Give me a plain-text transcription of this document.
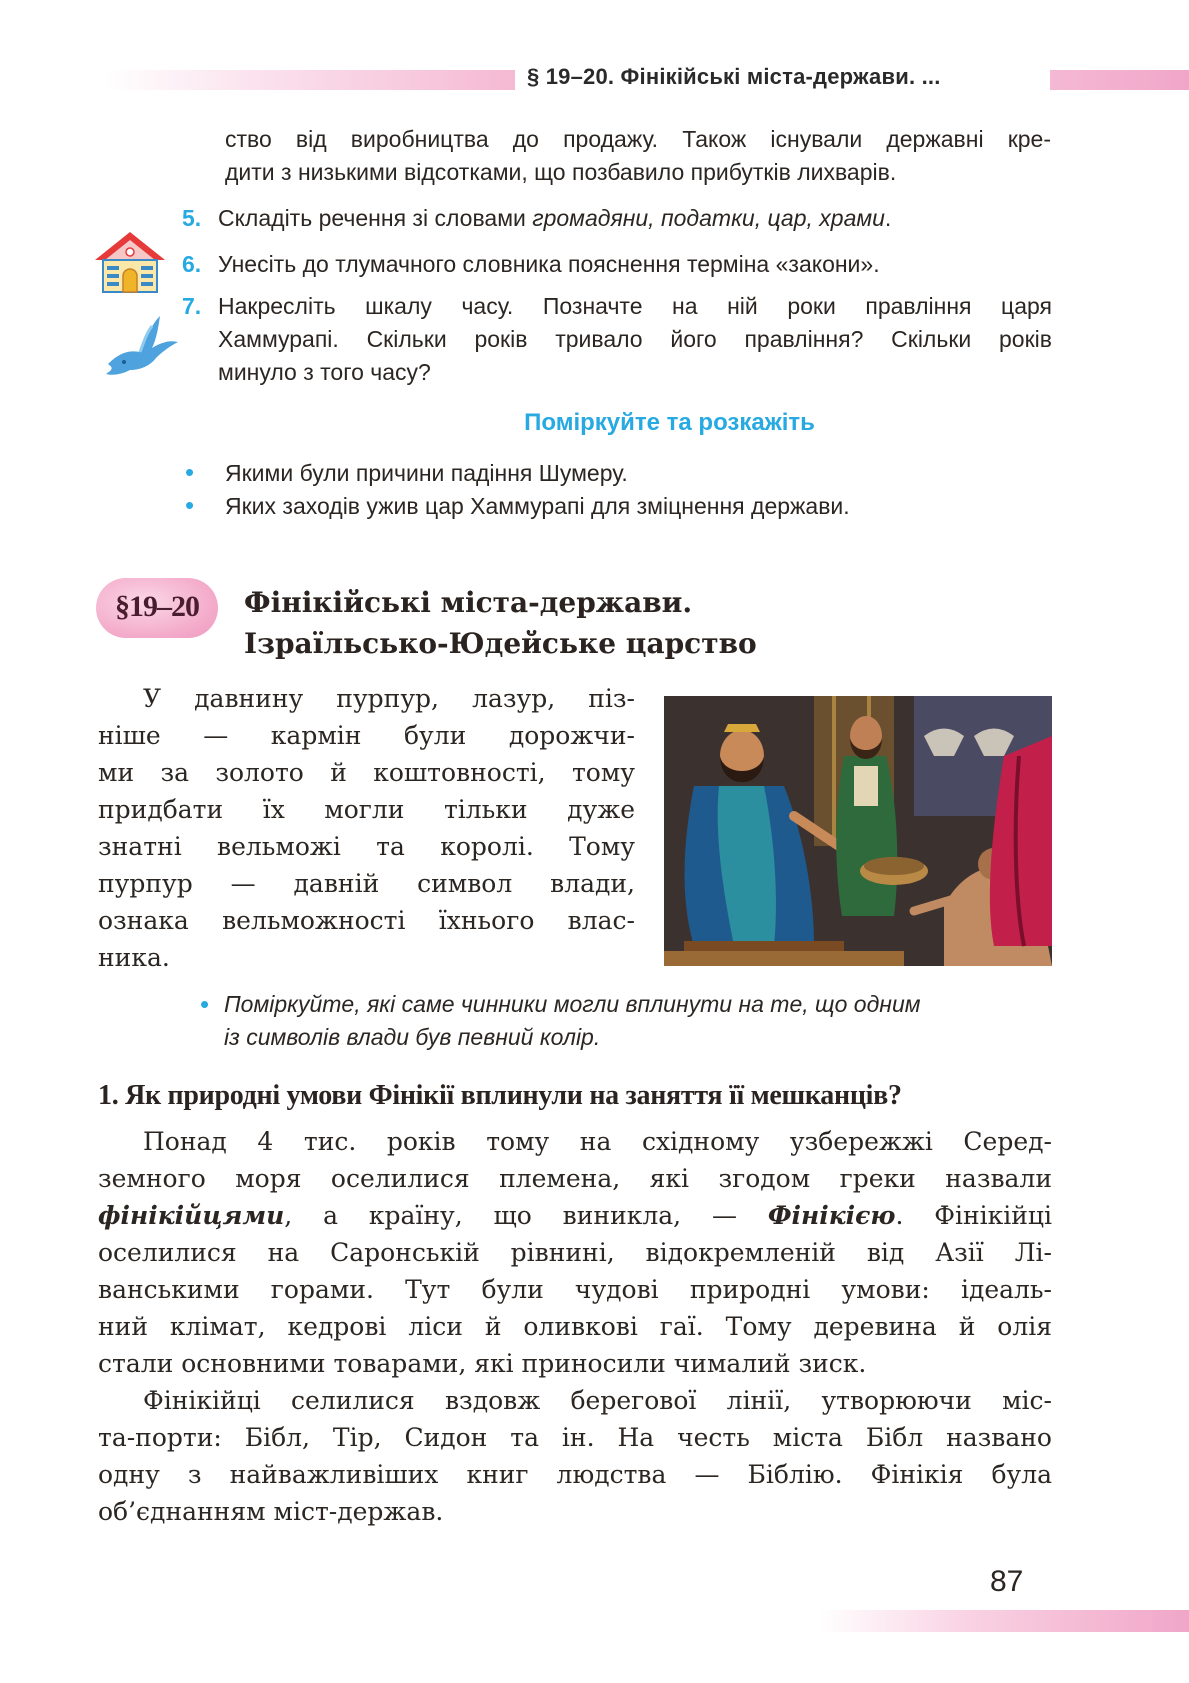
§ 19–20. Фінікійські міста-держави. ...
ство від виробництва до продажу. Також існували державні кре-
дити з низькими відсотками, що позбавило прибутків лихварів.
5. Складіть речення зі словами громадяни, податки, цар, храми.
6. Унесіть до тлумачного словника пояснення терміна «закони».
7. Накресліть шкалу часу. Позначте на ній роки правління царя
Хаммурапі. Скільки років тривало його правління? Скільки років
минуло з того часу?
Поміркуйте та розкажіть
• Якими були причини падіння Шумеру.
• Яких заходів ужив цар Хаммурапі для зміцнення держави.
§19–20	Фінікійські міста-держави.
Ізраїльсько-Юдейське царство
У давнину пурпур, лазур, піз-
ніше — кармін були дорожчи-
ми за золото й коштовності, тому
придбати їх могли тільки дуже
знатні вельможі та королі. Тому
пурпур — давній символ влади,
ознака вельможності їхнього влас-
ника.
• Поміркуйте, які саме чинники могли вплинути на те, що одним
із символів влади був певний колір.
1. Як природні умови Фінікії вплинули на заняття її мешканців?
Понад 4 тис. років тому на східному узбережжі Серед-
земного моря оселилися племена, які згодом греки назвали
фінікійцями, а країну, що виникла, — Фінікією. Фінікійці
оселилися на Саронській рівнині, відокремленій від Азії Лі-
ванськими горами. Тут були чудові природні умови: ідеаль-
ний клімат, кедрові ліси й оливкові гаї. Тому деревина й олія
стали основними товарами, які приносили чималий зиск.
Фінікійці селилися вздовж берегової лінії, утворюючи міс-
та-порти: Бібл, Тір, Сидон та ін. На честь міста Бібл названо
одну з найважливіших книг людства — Біблію. Фінікія була
об’єднанням міст-держав.
87
